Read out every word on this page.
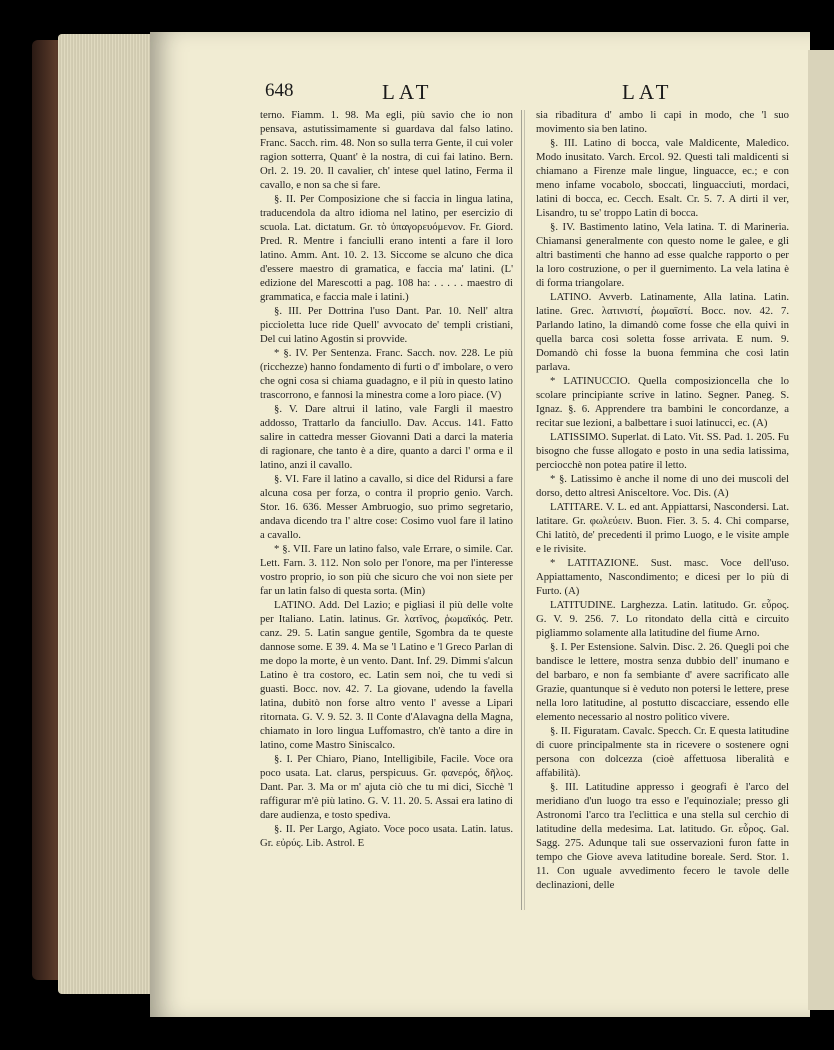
648	LAT	LAT

terno. Fiamm. 1. 98. Ma egli, più savio che io non pensava, astutissimamente si guardava dal falso latino. Franc. Sacch. rim. 48. Non so sulla terra Gente, il cui voler ragion sotterra, Quant' è la nostra, di cui fai latino. Bern. Orl. 2. 19. 20. Il cavalier, ch' intese quel latino, Ferma il cavallo, e non sa che si fare.

§. II. Per Composizione che si faccia in lingua latina, traducendola da altro idioma nel latino, per esercizio di scuola. Lat. dictatum. Gr. τὸ ὑπαγορευόμενον. Fr. Giord. Pred. R. Mentre i fanciulli erano intenti a fare il loro latino. Amm. Ant. 10. 2. 13. Siccome se alcuno che dica d'essere maestro di gramatica, e faccia ma' latini. (L' edizione del Marescotti a pag. 108 ha: . . . . . maestro di grammatica, e faccia male i latini.)

§. III. Per Dottrina l'uso Dant. Par. 10. Nell' altra piccioletta luce ride Quell' avvocato de' templi cristiani, Del cui latino Agostin si provvide.

* §. IV. Per Sentenza. Franc. Sacch. nov. 228. Le più (ricchezze) hanno fondamento di furti o d' imbolare, o vero che ogni cosa si chiama guadagno, e il più in questo latino trascorrono, e fannosi la minestra come a loro piace. (V)

§. V. Dare altrui il latino, vale Fargli il maestro addosso, Trattarlo da fanciullo. Dav. Accus. 141. Fatto salire in cattedra messer Giovanni Dati a darci la materia di ragionare, che tanto è a dire, quanto a darci l' orma e il latino, anzi il cavallo.

§. VI. Fare il latino a cavallo, si dice del Ridursi a fare alcuna cosa per forza, o contra il proprio genio. Varch. Stor. 16. 636. Messer Ambruogio, suo primo segretario, andava dicendo tra l' altre cose: Cosimo vuol fare il latino a cavallo.

* §. VII. Fare un latino falso, vale Errare, o simile. Car. Lett. Farn. 3. 112. Non solo per l'onore, ma per l'interesse vostro proprio, io son più che sicuro che voi non siete per far un latin falso di questa sorta. (Min)

LATINO. Add. Del Lazio; e pigliasi il più delle volte per Italiano. Latin. latinus. Gr. λατῖνος, ῥωμαϊκός. Petr. canz. 29. 5. Latin sangue gentile, Sgombra da te queste dannose some. E 39. 4. Ma se 'l Latino e 'l Greco Parlan di me dopo la morte, è un vento. Dant. Inf. 29. Dimmi s'alcun Latino è tra costoro, ec. Latin sem noi, che tu vedi sì guasti. Bocc. nov. 42. 7. La giovane, udendo la favella latina, dubitò non forse altro vento l' avesse a Lipari ritornata. G. V. 9. 52. 3. Il Conte d'Alavagna della Magna, chiamato in loro lingua Luffomastro, ch'è tanto a dire in latino, come Mastro Siniscalco.

§. I. Per Chiaro, Piano, Intelligibile, Facile. Voce ora poco usata. Lat. clarus, perspicuus. Gr. φανερός, δῆλος. Dant. Par. 3. Ma or m' ajuta ciò che tu mi dici, Sicchè 'l raffigurar m'è più latino. G. V. 11. 20. 5. Assai era latino di dare audienza, e tosto spediva.

§. II. Per Largo, Agiato. Voce poco usata. Latin. latus. Gr. εὐρύς. Lib. Astrol. E

sia ribaditura d' ambo li capi in modo, che 'l suo movimento sia ben latino.

§. III. Latino di bocca, vale Maldicente, Maledico. Modo inusitato. Varch. Ercol. 92. Questi tali maldicenti si chiamano a Firenze male lingue, linguacce, ec.; e con meno infame vocabolo, sboccati, linguacciuti, mordaci, latini di bocca, ec. Cecch. Esalt. Cr. 5. 7. A dirti il ver, Lisandro, tu se' troppo Latin di bocca.

§. IV. Bastimento latino, Vela latina. T. di Marineria. Chiamansi generalmente con questo nome le galee, e gli altri bastimenti che hanno ad esse qualche rapporto o per la loro costruzione, o per il guernimento. La vela latina è di forma triangolare.

LATINO. Avverb. Latinamente, Alla latina. Latin. latine. Grec. λατινιστί, ῥωμαϊστί. Bocc. nov. 42. 7. Parlando latino, la dimandò come fosse che ella quivi in quella barca così soletta fosse arrivata. E num. 9. Domandò chi fosse la buona femmina che così latin parlava.

* LATINUCCIO. Quella composizioncella che lo scolare principiante scrive in latino. Segner. Paneg. S. Ignaz. §. 6. Apprendere tra bambini le concordanze, a recitar sue lezioni, a balbettare i suoi latinucci, ec. (A)

LATISSIMO. Superlat. di Lato. Vit. SS. Pad. 1. 205. Fu bisogno che fusse allogato e posto in una sedia latissima, perciocchè non potea patire il letto.

* §. Latissimo è anche il nome di uno dei muscoli del dorso, detto altresì Anisceltore. Voc. Dis. (A)

LATITARE. V. L. ed ant. Appiattarsi, Nascondersi. Lat. latitare. Gr. φωλεύειν. Buon. Fier. 3. 5. 4. Chi comparse, Chi latitò, de' precedenti il primo Luogo, e le visite ample e le rivisite.

* LATITAZIONE. Sust. masc. Voce dell'uso. Appiattamento, Nascondimento; e dicesi per lo più di Furto. (A)

LATITUDINE. Larghezza. Latin. latitudo. Gr. εὖρος. G. V. 9. 256. 7. Lo ritondato della città e circuito pigliammo solamente alla latitudine del fiume Arno.

§. I. Per Estensione. Salvin. Disc. 2. 26. Quegli poi che bandisce le lettere, mostra senza dubbio dell' inumano e del barbaro, e non fa sembiante d' avere sacrificato alle Grazie, quantunque si è veduto non potersi le lettere, prese nella loro latitudine, al postutto discacciare, essendo elle elemento necessario al nostro politico vivere.

§. II. Figuratam. Cavalc. Specch. Cr. E questa latitudine di cuore principalmente sta in ricevere o sostenere ogni persona con dolcezza (cioè affettuosa liberalità e affabilità).

§. III. Latitudine appresso i geografi è l'arco del meridiano d'un luogo tra esso e l'equinoziale; presso gli Astronomi l'arco tra l'eclittica e una stella sul cerchio di latitudine della medesima. Lat. latitudo. Gr. εὖρος. Gal. Sagg. 275. Adunque tali sue osservazioni furon fatte in tempo che Giove aveva latitudine boreale. Serd. Stor. 1. 11. Con uguale avvedimento fecero le tavole delle declinazioni, delle
